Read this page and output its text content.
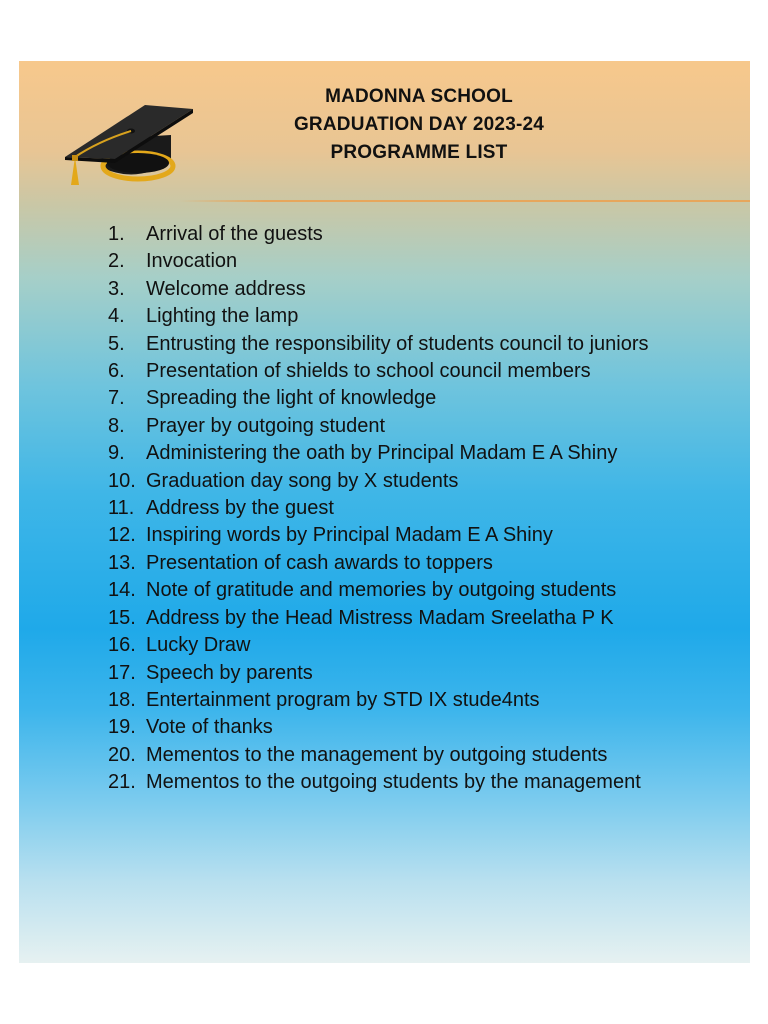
MADONNA SCHOOL
GRADUATION DAY 2023-24
PROGRAMME LIST
1. Arrival of the guests
2. Invocation
3. Welcome address
4. Lighting the lamp
5. Entrusting the responsibility of students council to juniors
6. Presentation of shields to school council members
7. Spreading the light of knowledge
8. Prayer by outgoing student
9. Administering the oath by Principal Madam E A Shiny
10. Graduation day song by X students
11. Address by the guest
12. Inspiring words by Principal Madam E A Shiny
13. Presentation of cash awards to toppers
14. Note of gratitude and memories by outgoing students
15. Address by the Head Mistress Madam Sreelatha P K
16. Lucky Draw
17. Speech by parents
18. Entertainment program by STD IX stude4nts
19. Vote of thanks
20. Mementos to the management by outgoing students
21. Mementos to the outgoing students by the management
